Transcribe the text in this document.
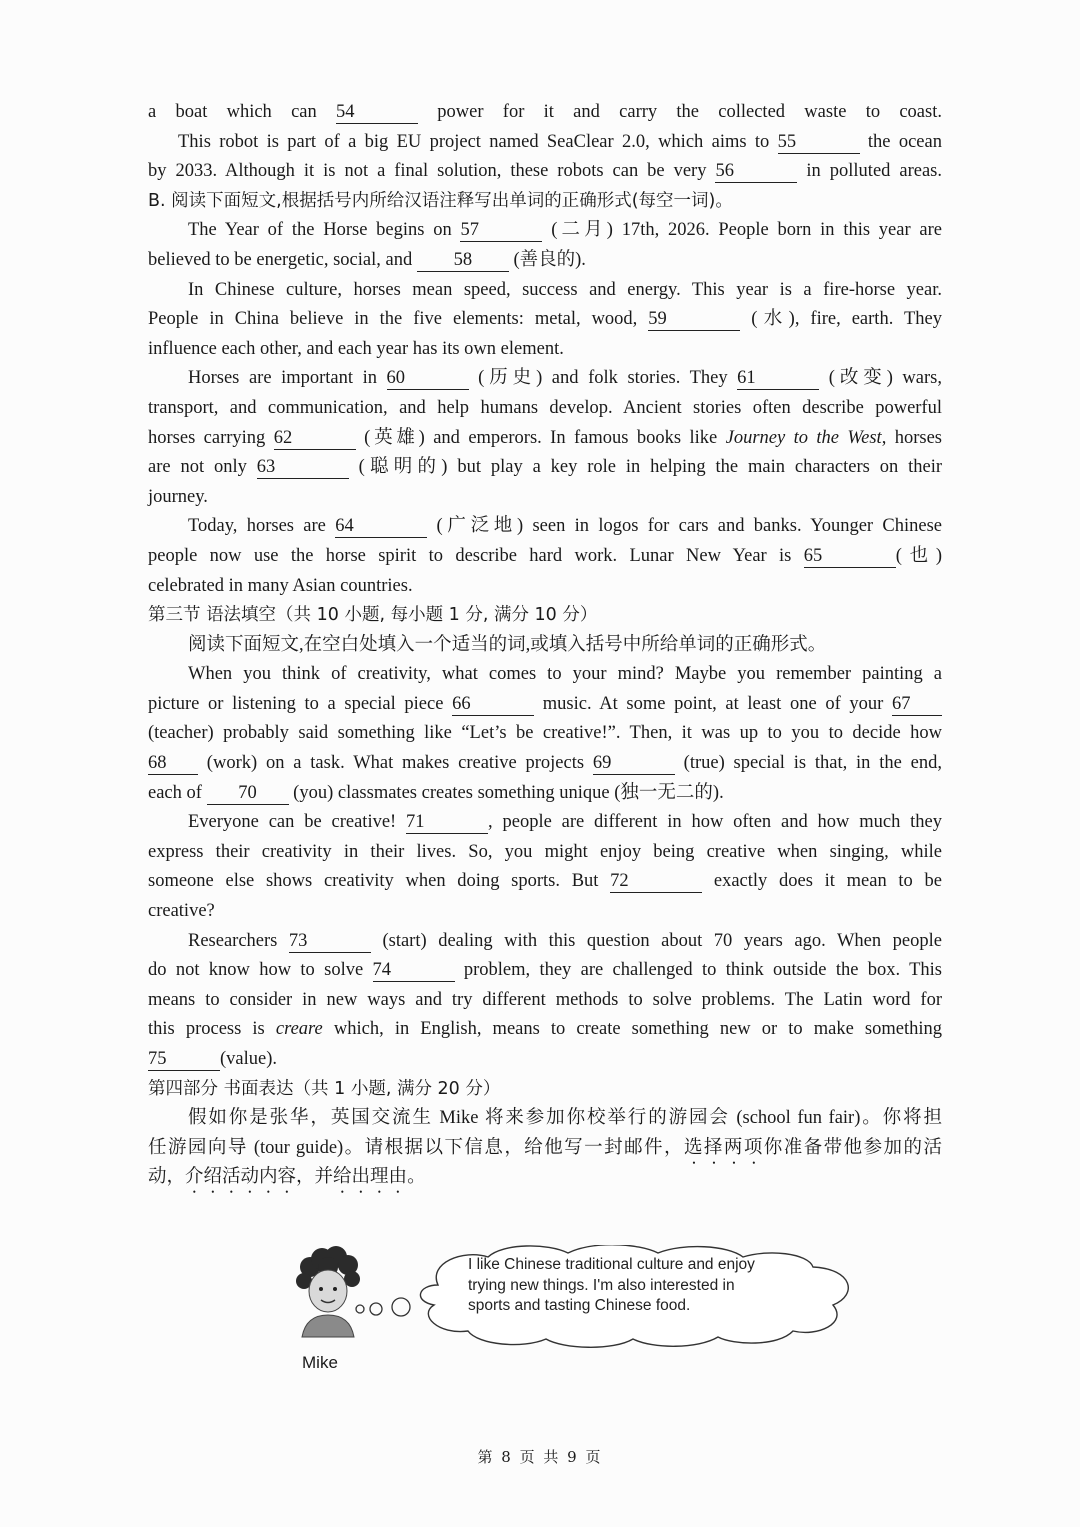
a boat which can 54	power for it and carry the collected waste to coast.
This robot is part of a big EU project named SeaClear 2.0, which aims to 55	the ocean
by 2033. Although it is not a final solution, these robots can be very 56	in polluted areas.
B. 阅读下面短文,根据括号内所给汉语注释写出单词的正确形式(每空一词)。
The Year of the Horse begins on 57	(二月) 17th, 2026. People born in this year are
believed to be energetic, social, and 58 (善良的).
In Chinese culture, horses mean speed, success and energy. This year is a fire-horse year.
People in China believe in the five elements: metal, wood, 59	(水), fire, earth. They
influence each other, and each year has its own element.
Horses are important in 60	(历史) and folk stories. They 61	(改变) wars,
transport, and communication, and help humans develop. Ancient stories often describe powerful
horses carrying 62	(英雄) and emperors. In famous books like Journey to the West, horses
are not only 63	(聪明的) but play a key role in helping the main characters on their
journey.
Today, horses are 64	(广泛地) seen in logos for cars and banks. Younger Chinese
people now use the horse spirit to describe hard work. Lunar New Year is 65	(也)
celebrated in many Asian countries.
第三节 语法填空（共 10 小题, 每小题 1 分, 满分 10 分）
阅读下面短文,在空白处填入一个适当的词,或填入括号中所给单词的正确形式。
When you think of creativity, what comes to your mind? Maybe you remember painting a
picture or listening to a special piece 66	music. At some point, at least one of your 67
(teacher) probably said something like “Let’s be creative!”. Then, it was up to you to decide how
68 (work) on a task. What makes creative projects 69	(true) special is that, in the end,
each of 70 (you) classmates creates something unique (独一无二的).
Everyone can be creative! 71	, people are different in how often and how much they
express their creativity in their lives. So, you might enjoy being creative when singing, while
someone else shows creativity when doing sports. But 72	exactly does it mean to be
creative?
Researchers 73	(start) dealing with this question about 70 years ago. When people
do not know how to solve 74	problem, they are challenged to think outside the box. This
means to consider in new ways and try different methods to solve problems. The Latin word for
this process is creare which, in English, means to create something new or to make something
75	(value).
第四部分 书面表达（共 1 小题, 满分 20 分）
假如你是张华，英国交流生 Mike 将来参加你校举行的游园会 (school fun fair)。你将担
任游园向导 (tour guide)。请根据以下信息，给他写一封邮件，选择两项你准备带他参加的活
动，介绍活动内容，并给出理由。
I like Chinese traditional culture and enjoy
trying new things. I'm also interested in
sports and tasting Chinese food.
Mike
第 8 页 共 9 页
